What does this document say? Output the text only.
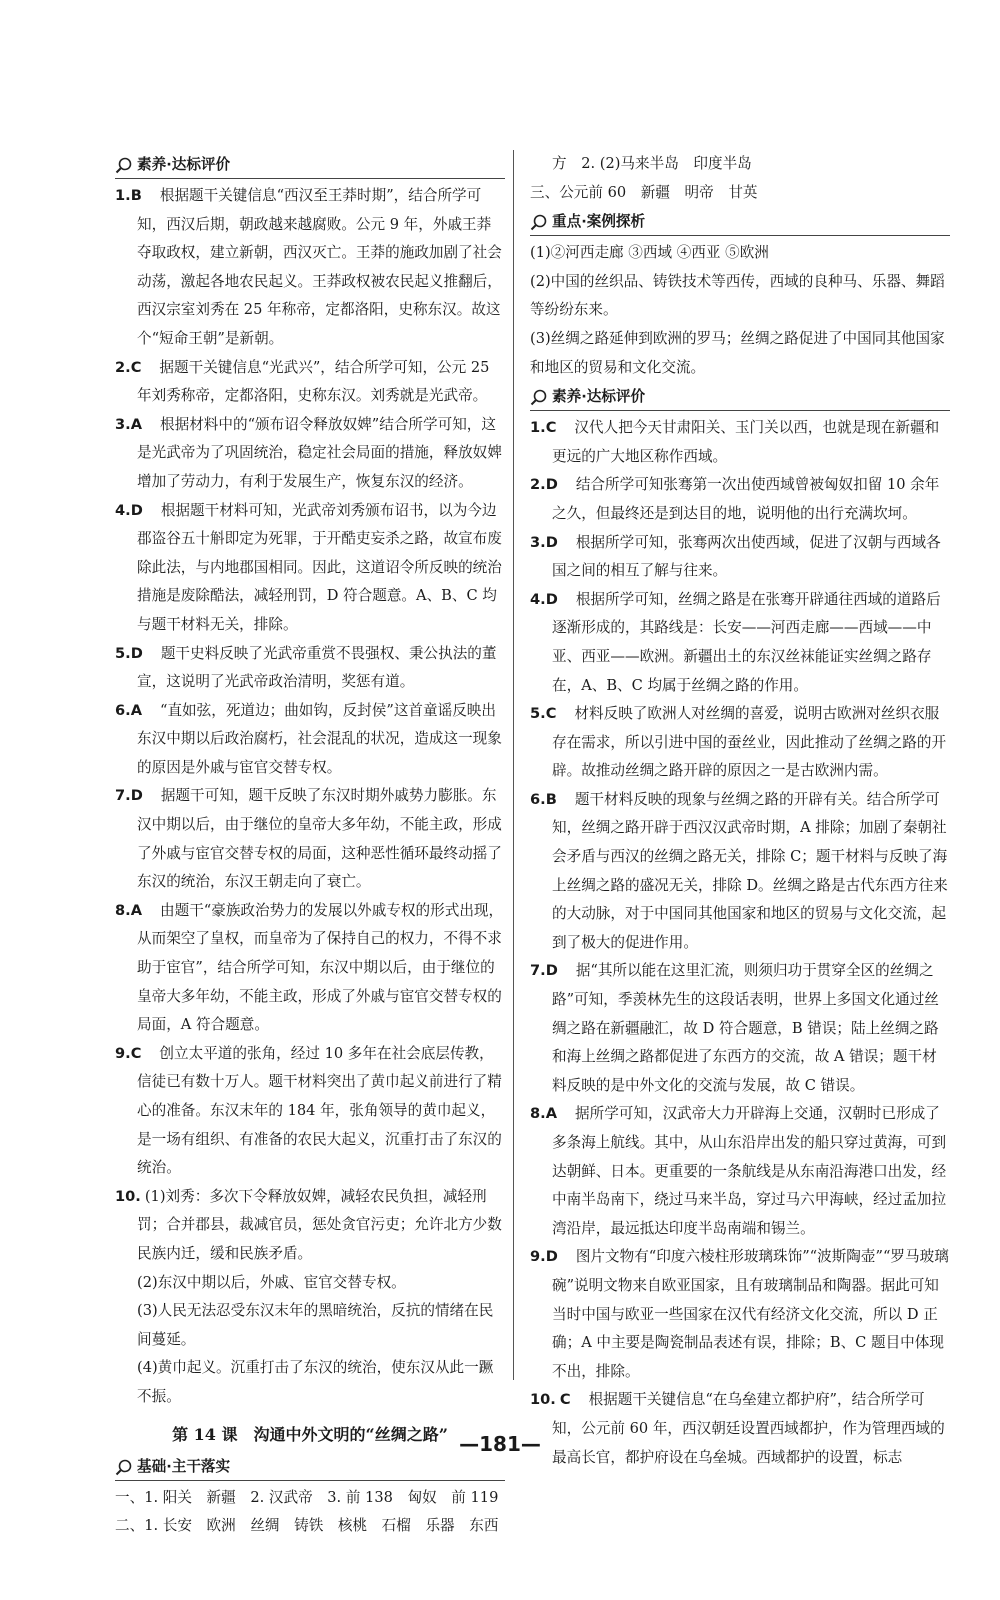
素养·达标评价
1.B 根据题干关键信息“西汉至王莽时期”，结合所学可知，西汉后期，朝政越来越腐败。公元 9 年，外戚王莽夺取政权，建立新朝，西汉灭亡。王莽的施政加剧了社会动荡，激起各地农民起义。王莽政权被农民起义推翻后，西汉宗室刘秀在 25 年称帝，定都洛阳，史称东汉。故这个“短命王朝”是新朝。
2.C 据题干关键信息“光武兴”，结合所学可知，公元 25 年刘秀称帝，定都洛阳，史称东汉。刘秀就是光武帝。
3.A 根据材料中的“颁布诏令释放奴婢”结合所学可知，这是光武帝为了巩固统治，稳定社会局面的措施，释放奴婢增加了劳动力，有利于发展生产，恢复东汉的经济。
4.D 根据题干材料可知，光武帝刘秀颁布诏书，以为今边郡盗谷五十斛即定为死罪，于开酷吏妄杀之路，故宣布废除此法，与内地郡国相同。因此，这道诏令所反映的统治措施是废除酷法，减轻刑罚，D 符合题意。A、B、C 均与题干材料无关，排除。
5.D 题干史料反映了光武帝重赏不畏强权、秉公执法的董宣，这说明了光武帝政治清明，奖惩有道。
6.A “直如弦，死道边；曲如钩，反封侯”这首童谣反映出东汉中期以后政治腐朽，社会混乱的状况，造成这一现象的原因是外戚与宦官交替专权。
7.D 据题干可知，题干反映了东汉时期外戚势力膨胀。东汉中期以后，由于继位的皇帝大多年幼，不能主政，形成了外戚与宦官交替专权的局面，这种恶性循环最终动摇了东汉的统治，东汉王朝走向了衰亡。
8.A 由题干“豪族政治势力的发展以外戚专权的形式出现，从而架空了皇权，而皇帝为了保持自己的权力，不得不求助于宦官”，结合所学可知，东汉中期以后，由于继位的皇帝大多年幼，不能主政，形成了外戚与宦官交替专权的局面，A 符合题意。
9.C 创立太平道的张角，经过 10 多年在社会底层传教，信徒已有数十万人。题干材料突出了黄巾起义前进行了精心的准备。东汉末年的 184 年，张角领导的黄巾起义，是一场有组织、有准备的农民大起义，沉重打击了东汉的统治。
10. (1)刘秀：多次下令释放奴婢，减轻农民负担，减轻刑罚；合并郡县，裁减官员，惩处贪官污吏；允许北方少数民族内迁，缓和民族矛盾。
(2)东汉中期以后，外戚、宦官交替专权。
(3)人民无法忍受东汉末年的黑暗统治，反抗的情绪在民间蔓延。
(4)黄巾起义。沉重打击了东汉的统治，使东汉从此一蹶不振。
第 14 课　沟通中外文明的“丝绸之路”
基础·主干落实
一、1. 阳关　新疆　2. 汉武帝　3. 前 138　匈奴　前 119
二、1. 长安　欧洲　丝绸　铸铁　核桃　石榴　乐器　东西
方　2. (2)马来半岛　印度半岛
三、公元前 60　新疆　明帝　甘英
重点·案例探析
(1)②河西走廊 ③西域 ④西亚 ⑤欧洲
(2)中国的丝织品、铸铁技术等西传，西域的良种马、乐器、舞蹈等纷纷东来。
(3)丝绸之路延伸到欧洲的罗马；丝绸之路促进了中国同其他国家和地区的贸易和文化交流。
素养·达标评价
1.C 汉代人把今天甘肃阳关、玉门关以西，也就是现在新疆和更远的广大地区称作西域。
2.D 结合所学可知张骞第一次出使西域曾被匈奴扣留 10 余年之久，但最终还是到达目的地，说明他的出行充满坎坷。
3.D 根据所学可知，张骞两次出使西域，促进了汉朝与西域各国之间的相互了解与往来。
4.D 根据所学可知，丝绸之路是在张骞开辟通往西域的道路后逐渐形成的，其路线是：长安——河西走廊——西域——中亚、西亚——欧洲。新疆出土的东汉丝袜能证实丝绸之路存在，A、B、C 均属于丝绸之路的作用。
5.C 材料反映了欧洲人对丝绸的喜爱，说明古欧洲对丝织衣服存在需求，所以引进中国的蚕丝业，因此推动了丝绸之路的开辟。故推动丝绸之路开辟的原因之一是古欧洲内需。
6.B 题干材料反映的现象与丝绸之路的开辟有关。结合所学可知，丝绸之路开辟于西汉汉武帝时期，A 排除；加剧了秦朝社会矛盾与西汉的丝绸之路无关，排除 C；题干材料与反映了海上丝绸之路的盛况无关，排除 D。丝绸之路是古代东西方往来的大动脉，对于中国同其他国家和地区的贸易与文化交流，起到了极大的促进作用。
7.D 据“其所以能在这里汇流，则须归功于贯穿全区的丝绸之路”可知，季羡林先生的这段话表明，世界上多国文化通过丝绸之路在新疆融汇，故 D 符合题意，B 错误；陆上丝绸之路和海上丝绸之路都促进了东西方的交流，故 A 错误；题干材料反映的是中外文化的交流与发展，故 C 错误。
8.A 据所学可知，汉武帝大力开辟海上交通，汉朝时已形成了多条海上航线。其中，从山东沿岸出发的船只穿过黄海，可到达朝鲜、日本。更重要的一条航线是从东南沿海港口出发，经中南半岛南下，绕过马来半岛，穿过马六甲海峡，经过孟加拉湾沿岸，最远抵达印度半岛南端和锡兰。
9.D 图片文物有“印度六棱柱形玻璃珠饰”“波斯陶壶”“罗马玻璃碗”说明文物来自欧亚国家，且有玻璃制品和陶器。据此可知当时中国与欧亚一些国家在汉代有经济文化交流，所以 D 正确；A 中主要是陶瓷制品表述有误，排除；B、C 题目中体现不出，排除。
10. C 根据题干关键信息“在乌垒建立都护府”，结合所学可知，公元前 60 年，西汉朝廷设置西域都护，作为管理西域的最高长官，都护府设在乌垒城。西域都护的设置，标志
—181—
